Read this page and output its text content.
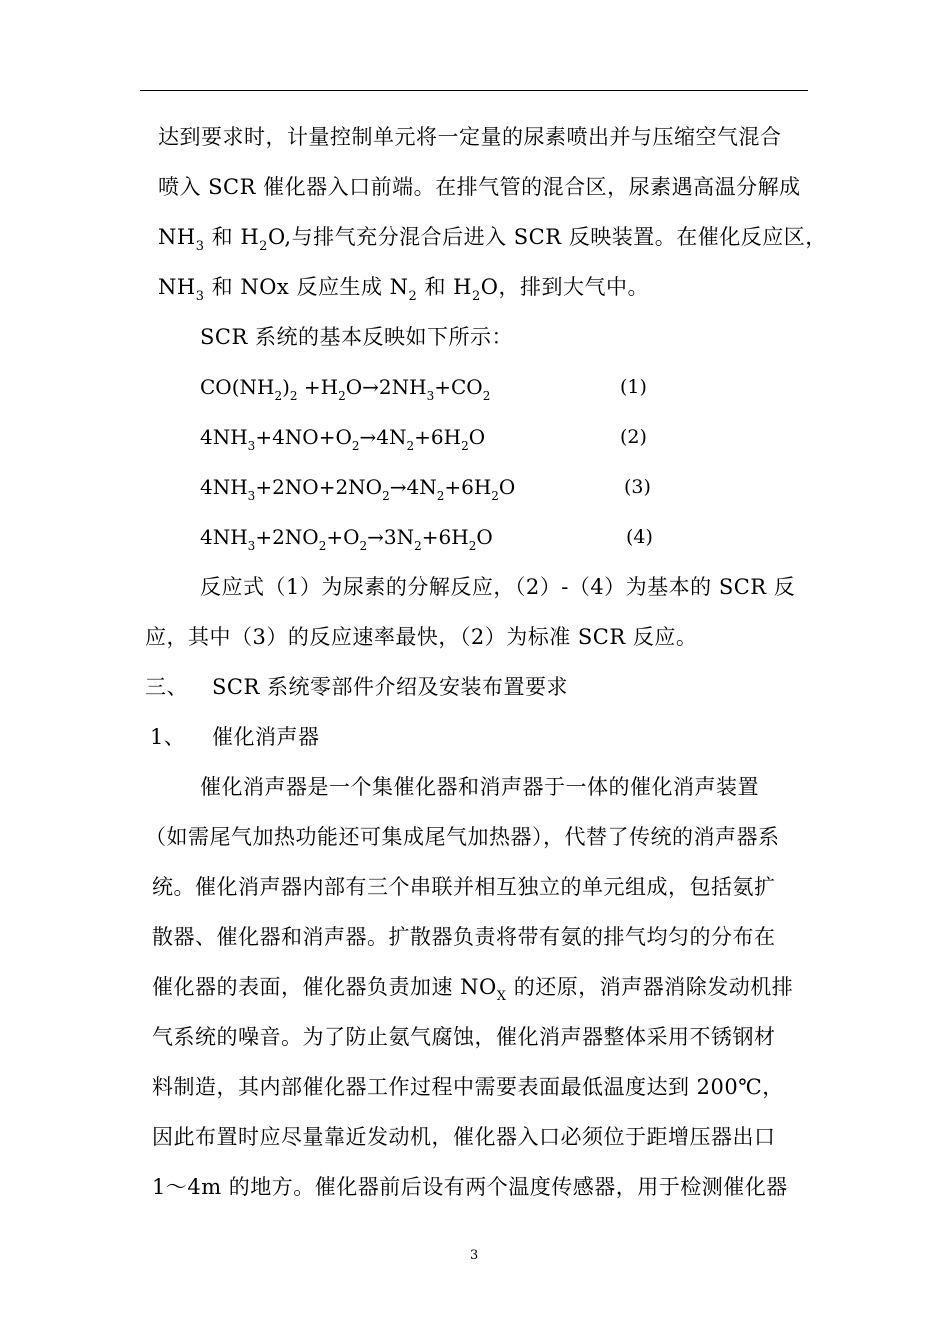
达到要求时，计量控制单元将一定量的尿素喷出并与压缩空气混合
喷入 SCR 催化器入口前端。在排气管的混合区，尿素遇高温分解成
$NH_3$ 和 $H_2O$,与排气充分混合后进入 SCR 反映装置。在催化反应区，
$NH_3$ 和 NOx 反应生成 $N_2$ 和 $H_2O$，排到大气中。
SCR 系统的基本反映如下所示：
$CO(NH_2)_2 +H_2O\to 2NH_3+CO_2$	(1)
$4NH_3+4NO+O_2\to 4N_2+6H_2O$	(2)
$4NH_3+2NO+2NO_2\to 4N_2+6H_2O$	(3)
$4NH_3+2NO_2+O_2\to 3N_2+6H_2O$	(4)
反应式（1）为尿素的分解反应，（2）-（4）为基本的 SCR 反
应，其中（3）的反应速率最快，（2）为标准 SCR 反应。
三、 SCR 系统零部件介绍及安装布置要求
1、 催化消声器
催化消声器是一个集催化器和消声器于一体的催化消声装置
（如需尾气加热功能还可集成尾气加热器），代替了传统的消声器系
统。催化消声器内部有三个串联并相互独立的单元组成，包括氨扩
散器、催化器和消声器。扩散器负责将带有氨的排气均匀的分布在
催化器的表面，催化器负责加速 $NO_X$ 的还原，消声器消除发动机排
气系统的噪音。为了防止氨气腐蚀，催化消声器整体采用不锈钢材
料制造，其内部催化器工作过程中需要表面最低温度达到 200℃，
因此布置时应尽量靠近发动机，催化器入口必须位于距增压器出口
1～4m 的地方。催化器前后设有两个温度传感器，用于检测催化器
3
